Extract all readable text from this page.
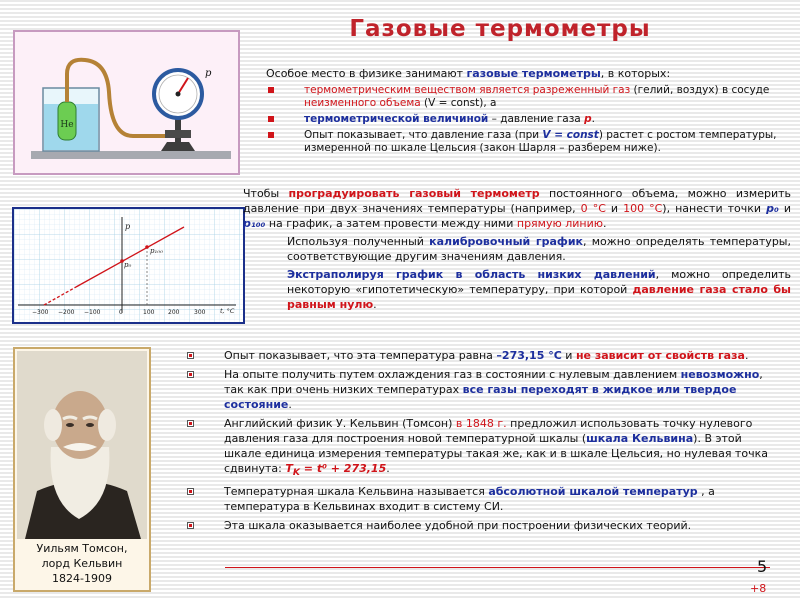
Газовые термометры
He
p	Особое место в физике занимают газовые термометры, в которых:

термометрическим веществом является разреженный газ (гелий, воздух) в сосуде неизменного объема (V = const), а
термометрической величиной – давление газа p.
Опыт показывает, что давление газа (при V = const) растет с ростом температуры, измеренной по шкале Цельсия (закон Шарля – разберем ниже).
p
t, °C
p₀
p₁₀₀
−300 −200 −100	0	100 200 300

Чтобы проградуировать газовый термометр постоянного объема, можно измерить давление при двух значениях температуры (например, 0 °С и 100 °С), нанести точки p₀ и p₁₀₀ на график, а затем провести между ними прямую линию.

Используя полученный калибровочный график, можно определять температуры, соответствующие другим значениям давления.

Экстраполируя график в область низких давлений, можно определить некоторую «гипотетическую» температуру, при которой давление газа стало бы равным нулю.

Уильям Томсон,
лорд Кельвин
1824-1909
Опыт показывает, что эта температура равна –273,15 °С и не зависит от свойств газа.
На опыте получить путем охлаждения газ в состоянии с нулевым давлением невозможно, так как при очень низких температурах все газы переходят в жидкое или твердое состояние.
Английский физик У. Кельвин (Томсон) в 1848 г. предложил использовать точку нулевого давления газа для построения новой температурной шкалы (шкала Кельвина). В этой шкале единица измерения температуры такая же, как и в шкале Цельсия, но нулевая точка сдвинута: $T_K = t^0 + 273,15$.
Температурная шкала Кельвина называется абсолютной шкалой температур , а температура в Кельвинах входит в систему СИ.
Эта шкала оказывается наиболее удобной при построении физических теорий.
5
+8
